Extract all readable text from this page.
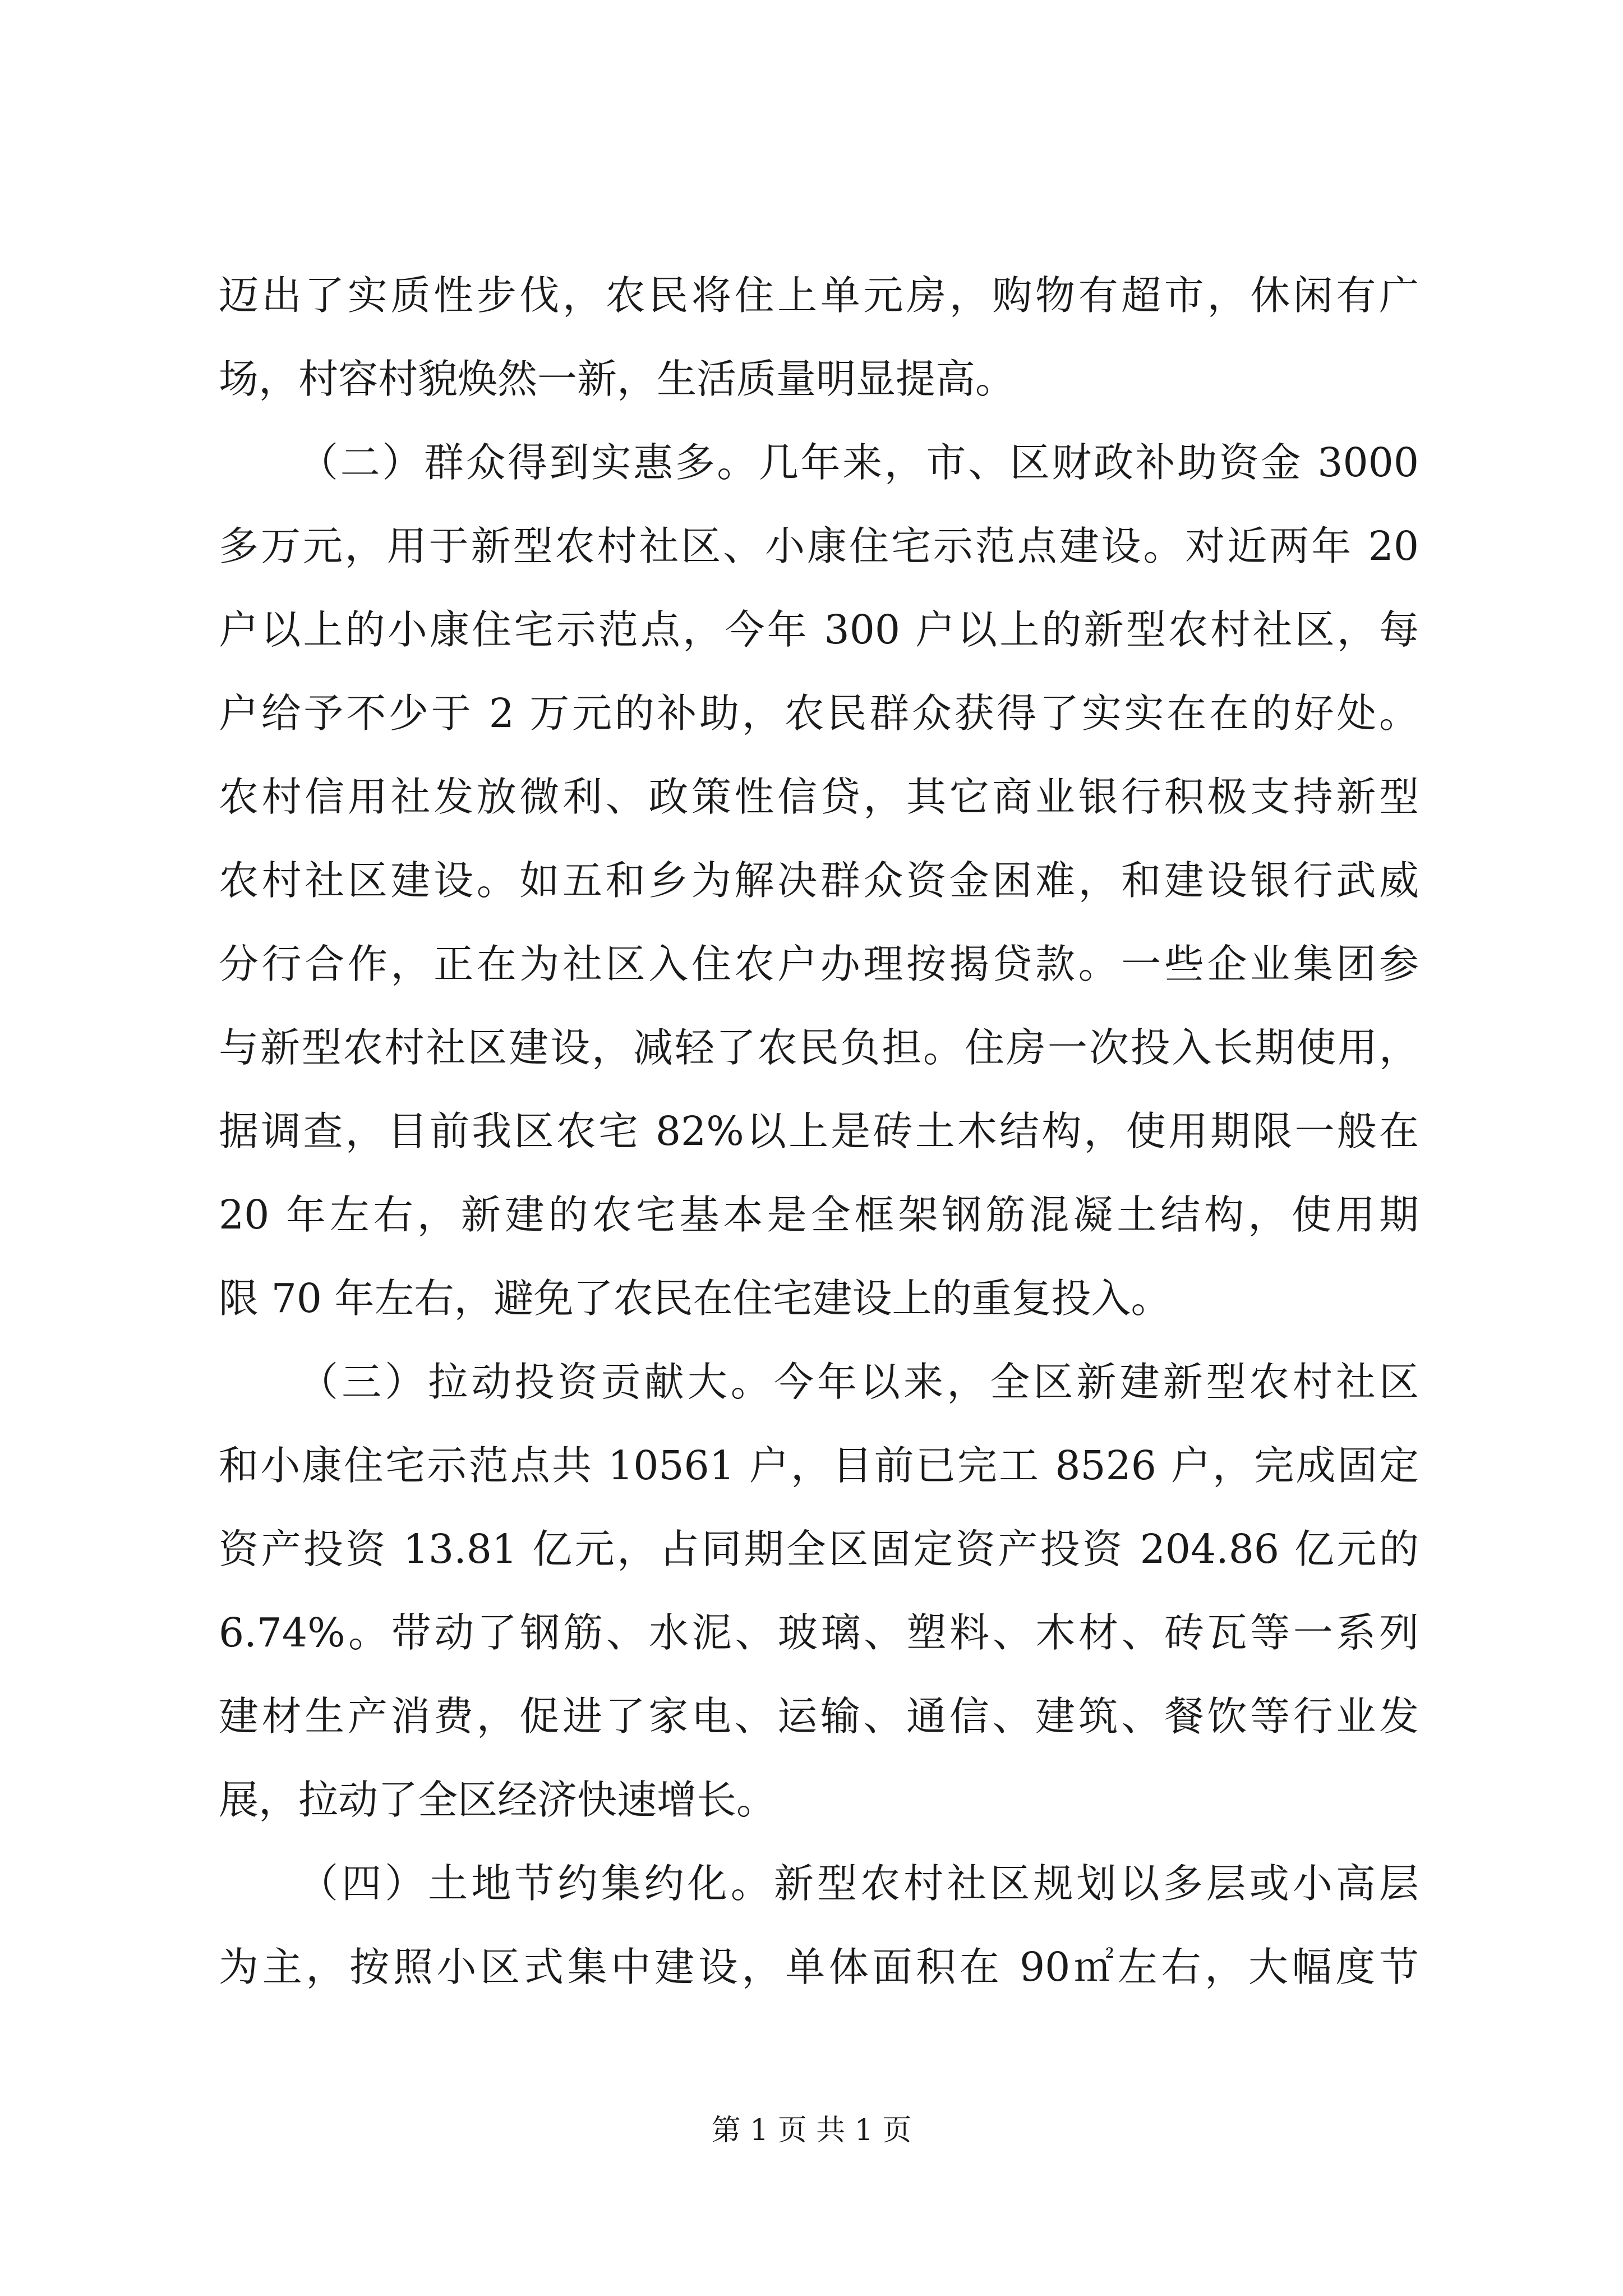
迈出了实质性步伐，农民将住上单元房，购物有超市，休闲有广
场，村容村貌焕然一新，生活质量明显提高。
（二）群众得到实惠多。几年来，市、区财政补助资金 3000
多万元，用于新型农村社区、小康住宅示范点建设。对近两年 20
户以上的小康住宅示范点，今年 300 户以上的新型农村社区，每
户给予不少于 2 万元的补助，农民群众获得了实实在在的好处。
农村信用社发放微利、政策性信贷，其它商业银行积极支持新型
农村社区建设。如五和乡为解决群众资金困难，和建设银行武威
分行合作，正在为社区入住农户办理按揭贷款。一些企业集团参
与新型农村社区建设，减轻了农民负担。住房一次投入长期使用，
据调查，目前我区农宅 82%以上是砖土木结构，使用期限一般在
20 年左右，新建的农宅基本是全框架钢筋混凝土结构，使用期
限 70 年左右，避免了农民在住宅建设上的重复投入。
（三）拉动投资贡献大。今年以来，全区新建新型农村社区
和小康住宅示范点共 10561 户，目前已完工 8526 户，完成固定
资产投资 13.81 亿元，占同期全区固定资产投资 204.86 亿元的
6.74%。带动了钢筋、水泥、玻璃、塑料、木材、砖瓦等一系列
建材生产消费，促进了家电、运输、通信、建筑、餐饮等行业发
展，拉动了全区经济快速增长。
（四）土地节约集约化。新型农村社区规划以多层或小高层
为主，按照小区式集中建设，单体面积在 90㎡左右，大幅度节
第 1 页 共 1 页
